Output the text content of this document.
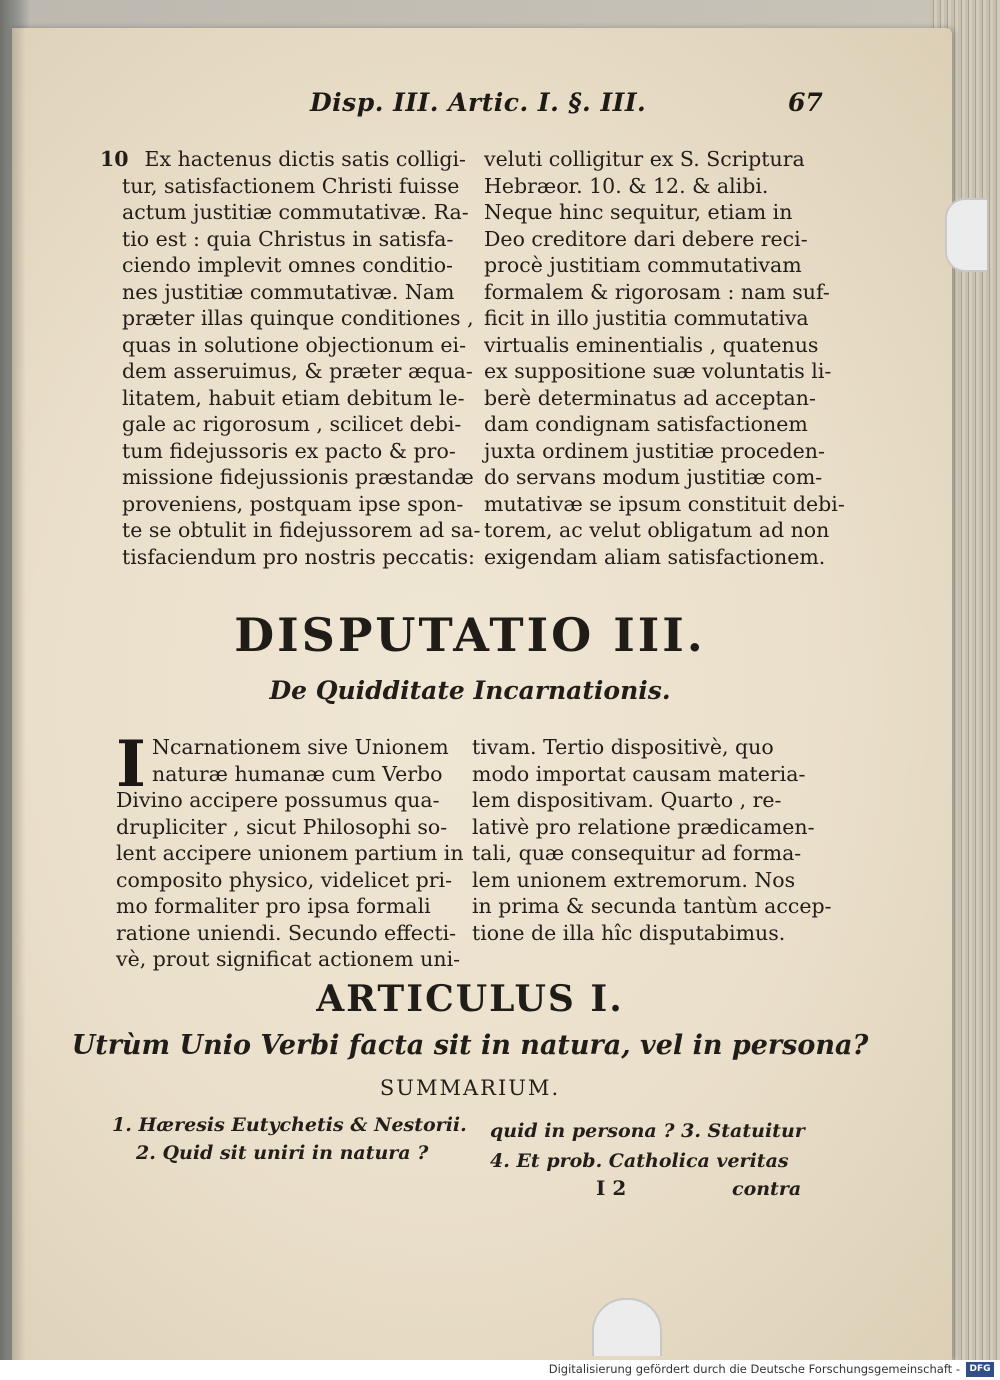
Disp. III. Artic. I. §. III.	67
10 Ex hactenus dictis satis colligi-
tur, satisfactionem Christi fuisse
actum justitiæ commutativæ. Ra-
tio est : quia Christus in satisfa-
ciendo implevit omnes conditio-
nes justitiæ commutativæ. Nam
præter illas quinque conditiones ,
quas in solutione objectionum ei-
dem asseruimus, & præter æqua-
litatem, habuit etiam debitum le-
gale ac rigorosum , scilicet debi-
tum fidejussoris ex pacto & pro-
missione fidejussionis præstandæ
proveniens, postquam ipse spon-
te se obtulit in fidejussorem ad sa-
tisfaciendum pro nostris peccatis:
veluti colligitur ex S. Scriptura
Hebræor. 10. & 12. & alibi.
Neque hinc sequitur, etiam in
Deo creditore dari debere reci-
procè justitiam commutativam
formalem & rigorosam : nam suf-
ficit in illo justitia commutativa
virtualis eminentialis , quatenus
ex suppositione suæ voluntatis li-
berè determinatus ad acceptan-
dam condignam satisfactionem
juxta ordinem justitiæ proceden-
do servans modum justitiæ com-
mutativæ se ipsum constituit debi-
torem, ac velut obligatum ad non
exigendam aliam satisfactionem.
DISPUTATIO III.
De Quidditate Incarnationis.
I Ncarnationem sive Unionem
naturæ humanæ cum Verbo
Divino accipere possumus qua-
drupliciter , sicut Philosophi so-
lent accipere unionem partium in
composito physico, videlicet pri-
mo formaliter pro ipsa formali
ratione uniendi. Secundo effecti-
vè, prout significat actionem uni-
tivam. Tertio dispositivè, quo
modo importat causam materia-
lem dispositivam. Quarto , re-
lativè pro relatione prædicamen-
tali, quæ consequitur ad forma-
lem unionem extremorum. Nos
in prima & secunda tantùm accep-
tione de illa hîc disputabimus.
ARTICULUS I.
Utrùm Unio Verbi facta sit in natura, vel in persona?
SUMMARIUM.
1. Hæresis Eutychetis & Nestorii.
2. Quid sit uniri in natura ?
quid in persona ? 3. Statuitur
4. Et prob. Catholica veritas
I 2	contra
Digitalisierung gefördert durch die Deutsche Forschungsgemeinschaft -	DFG
